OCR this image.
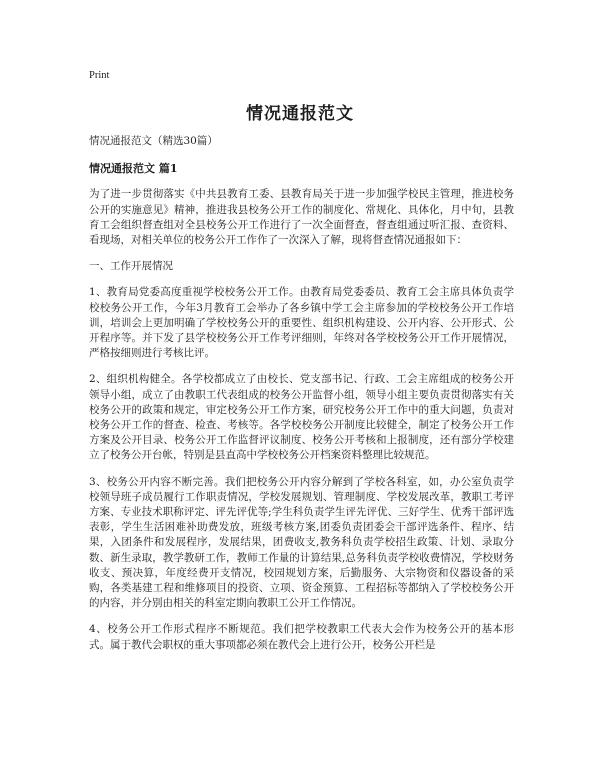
Print
情况通报范文

情况通报范文（精选30篇）

情况通报范文 篇1

为了进一步贯彻落实《中共县教育工委、县教育局关于进一步加强学校民主管理，推进校务公开的实施意见》精神，推进我县校务公开工作的制度化、常规化、具体化，月中旬，县教育工会组织督查组对全县校务公开工作进行了一次全面督查，督查组通过听汇报、查资料、看现场，对相关单位的校务公开工作作了一次深入了解，现将督查情况通报如下：

一、工作开展情况

1、教育局党委高度重视学校校务公开工作。由教育局党委委员、教育工会主席具体负责学校校务公开工作，今年3月教育工会举办了各乡镇中学工会主席参加的学校校务公开工作培训，培训会上更加明确了学校校务公开的重要性、组织机构建设、公开内容、公开形式、公开程序等。并下发了县学校校务公开工作考评细则，年终对各学校校务公开工作开展情况，严格按细则进行考核比评。

2、组织机构健全。各学校都成立了由校长、党支部书记、行政、工会主席组成的校务公开领导小组，成立了由教职工代表组成的校务公开监督小组，领导小组主要负责贯彻落实有关校务公开的政策和规定，审定校务公开工作方案，研究校务公开工作中的重大问题，负责对校务公开工作的督查、检查、考核等。各学校校务公开制度比较健全，制定了校务公开工作方案及公开目录、校务公开工作监督评议制度、校务公开考核和上报制度，还有部分学校建立了校务公开台帐，特别是县直高中学校校务公开档案资料整理比较规范。

3、校务公开内容不断完善。我们把校务公开内容分解到了学校各科室，如，办公室负责学校领导班子成员履行工作职责情况，学校发展规划、管理制度、学校发展改革，教职工考评方案、专业技术职称评定、评先评优等;学生科负责学生评先评优、三好学生、优秀干部评选表彰，学生生活困难补助费发放，班级考核方案,团委负责团委会干部评选条件、程序、结果，入团条件和发展程序，发展结果，团费收支,教务科负责学校招生政策、计划、录取分数、新生录取，教学教研工作，教师工作量的计算结果,总务科负责学校收费情况，学校财务收支、预决算，年度经费开支情况，校园规划方案，后勤服务、大宗物资和仪器设备的采购，各类基建工程和维修项目的投资、立项、资金预算、工程招标等都纳入了学校校务公开的内容，并分别由相关的科室定期向教职工公开工作情况。

4、校务公开工作形式程序不断规范。我们把学校教职工代表大会作为校务公开的基本形式。属于教代会职权的重大事项都必须在教代会上进行公开，校务公开栏是
